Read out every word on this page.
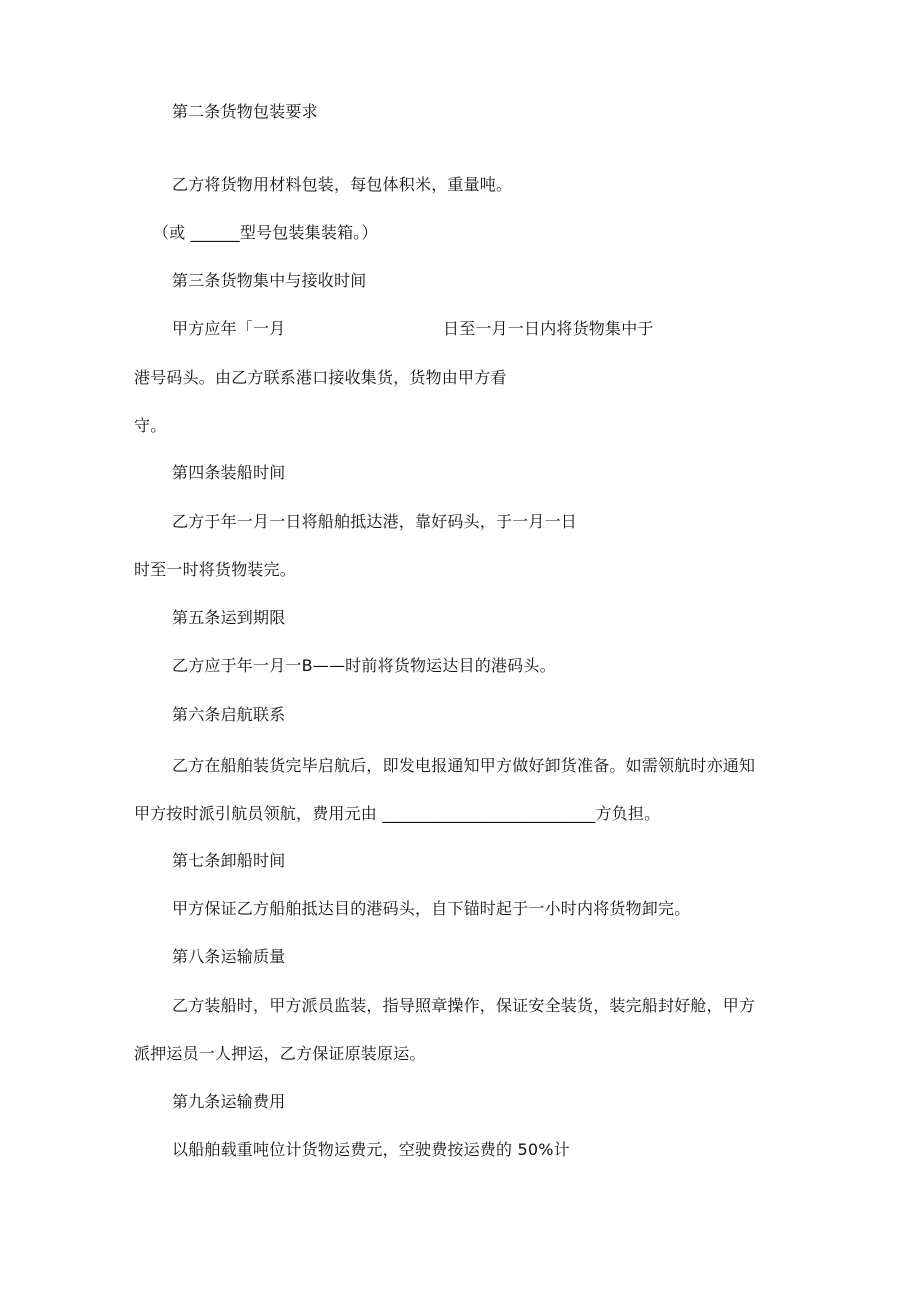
第二条货物包装要求
乙方将货物用材料包装，每包体积米，重量吨。
（或 ______型号包装集装箱。）
第三条货物集中与接收时间
甲方应年「一月	日至一月一日内将货物集中于
港号码头。由乙方联系港口接收集货，货物由甲方看
守。
第四条装船时间
乙方于年一月一日将船舶抵达港，靠好码头，于一月一日
时至一时将货物装完。
第五条运到期限
乙方应于年一月一B——时前将货物运达目的港码头。
第六条启航联系
乙方在船舶装货完毕启航后，即发电报通知甲方做好卸货准备。如需领航时亦通知
甲方按时派引航员领航，费用元由 __________________________方负担。
第七条卸船时间
甲方保证乙方船舶抵达目的港码头，自下锚时起于一小时内将货物卸完。
第八条运输质量
乙方装船时，甲方派员监装，指导照章操作，保证安全装货，装完船封好舱，甲方
派押运员一人押运，乙方保证原装原运。
第九条运输费用
以船舶载重吨位计货物运费元，空驶费按运费的 50%计
